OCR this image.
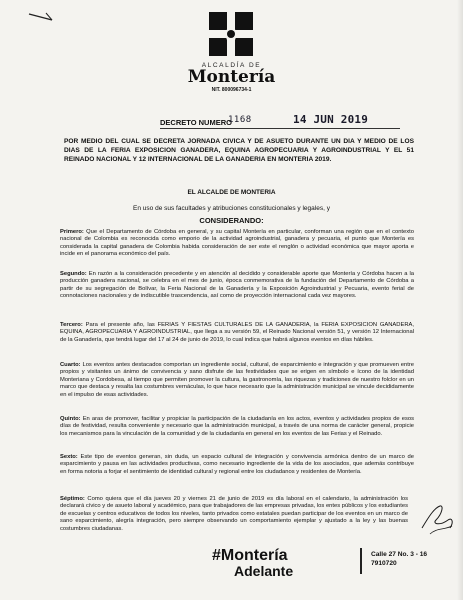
ALCALDÍA DE
Montería
NIT. 800096734-1
DECRETO NUMERO
1168	14 JUN 2019
POR MEDIO DEL CUAL SE DECRETA JORNADA CIVICA Y DE ASUETO DURANTE UN DIA Y MEDIO DE LOS DIAS DE LA FERIA EXPOSICION GANADERA, EQUINA AGROPECUARIA Y AGROINDUSTRIAL Y EL 51 REINADO NACIONAL Y 12 INTERNACIONAL DE LA GANADERIA EN MONTERIA 2019.
EL ALCALDE DE MONTERIA
En uso de sus facultades y atribuciones constitucionales y legales, y
CONSIDERANDO:
Primero: Que el Departamento de Córdoba en general, y su capital Montería en particular, conforman una región que en el contexto nacional de Colombia es reconocida como emporio de la actividad agroindustrial, ganadera y pecuaria, el punto que Montería es considerada la capital ganadera de Colombia habida consideración de ser este el renglón o actividad económica que mayor aporta e incide en el panorama económico del país.
Segundo: En razón a la consideración precedente y en atención al decidido y considerable aporte que Montería y Córdoba hacen a la producción ganadera nacional, se celebra en el mes de junio, época conmemorativa de la fundación del Departamento de Córdoba a partir de su segregación de Bolívar, la Feria Nacional de la Ganadería y la Exposición Agroindustrial y Pecuaria, evento ferial de connotaciones nacionales y de indiscutible trascendencia, así como de proyección internacional cada vez mayores.
Tercero: Para el presente año, las FERIAS Y FIESTAS CULTURALES DE LA GANADERIA, la FERIA EXPOSICION GANADERA, EQUINA, AGROPECUARIA Y AGROINDUSTRIAL, que llega a su versión 59, el Reinado Nacional versión 51, y versión 12 Internacional de la Ganadería, que tendrá lugar del 17 al 24 de junio de 2019, lo cual indica que habrá algunos eventos en días hábiles.
Cuarto: Los eventos antes destacados comportan un ingrediente social, cultural, de esparcimiento e integración y que promueven entre propios y visitantes un ánimo de convivencia y sano disfrute de las festividades que se erigen en símbolo e ícono de la identidad Monteriana y Cordobesa, al tiempo que permiten promover la cultura, la gastronomía, las riquezas y tradiciones de nuestro folclor en un marco que destaca y resalta las costumbres vernáculas, lo que hace necesario que la administración municipal se vincule decididamente en el impulso de esas actividades.
Quinto: En aras de promover, facilitar y propiciar la participación de la ciudadanía en los actos, eventos y actividades propios de esos días de festividad, resulta conveniente y necesario que la administración municipal, a través de una norma de carácter general, propicie los mecanismos para la vinculación de la comunidad y de la ciudadanía en general en los eventos de las Ferias y el Reinado.
Sexto: Este tipo de eventos generan, sin duda, un espacio cultural de integración y convivencia armónica dentro de un marco de esparcimiento y pausa en las actividades productivas, como necesario ingrediente de la vida de los asociados, que además contribuye en forma notoria a forjar el sentimiento de identidad cultural y regional entre los ciudadanos y residentes de Montería.
Séptimo: Como quiera que el día jueves 20 y viernes 21 de junio de 2019 es día laboral en el calendario, la administración los declarará cívico y de asueto laboral y académico, para que trabajadores de las empresas privadas, los entes públicos y los estudiantes de escuelas y centros educativos de todos los niveles, tanto privados como estatales puedan participar de los eventos en un marco de sano esparcimiento, alegría integración, pero siempre observando un comportamiento ejemplar y ajustado a la ley y las buenas costumbres ciudadanas.
#Montería
Adelante
Calle 27 No. 3 - 16
7910720
